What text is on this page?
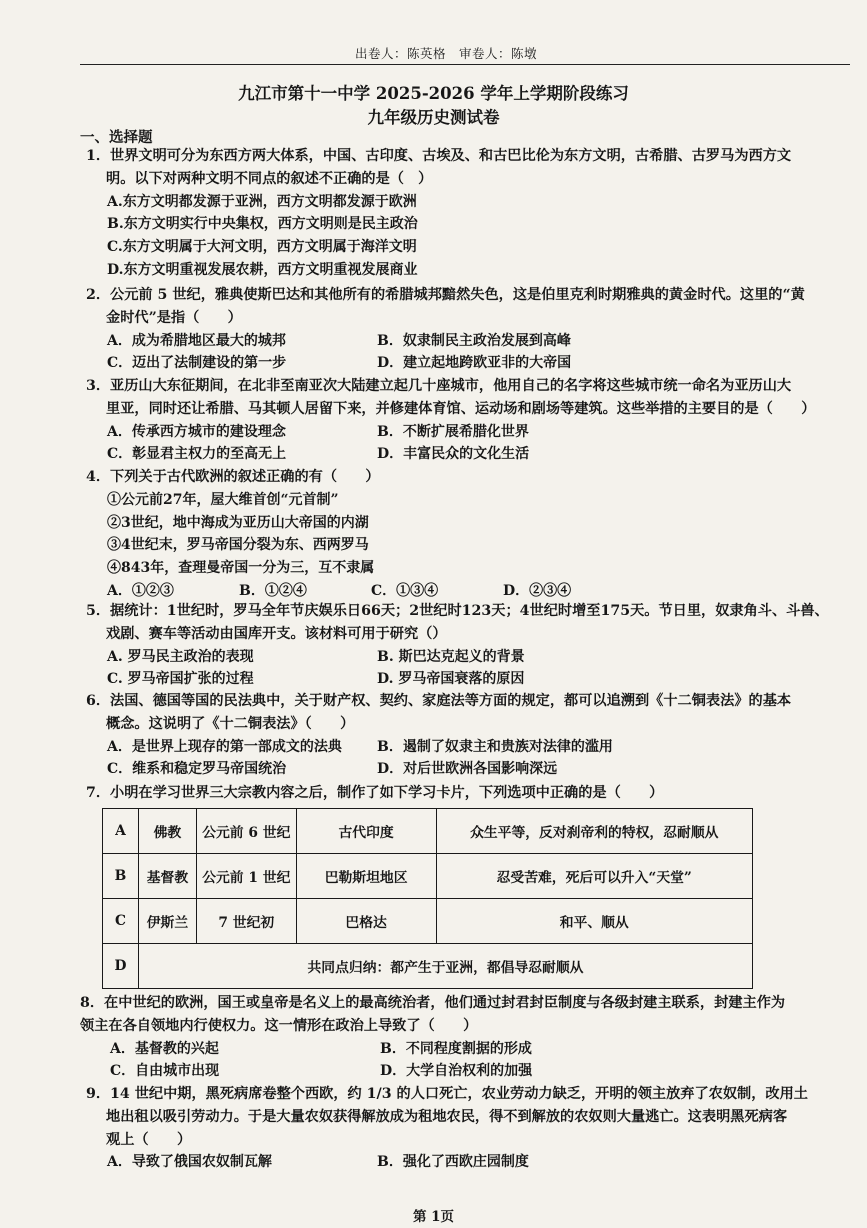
出卷人：陈英格　审卷人：陈墩
九江市第十一中学 2025-2026 学年上学期阶段练习
九年级历史测试卷
一、选择题
1．世界文明可分为东西方两大体系，中国、古印度、古埃及、和古巴比伦为东方文明，古希腊、古罗马为西方文
明。以下对两种文明不同点的叙述不正确的是（　）
A.东方文明都发源于亚洲，西方文明都发源于欧洲
B.东方文明实行中央集权，西方文明则是民主政治
C.东方文明属于大河文明，西方文明属于海洋文明
D.东方文明重视发展农耕，西方文明重视发展商业
2．公元前 5 世纪，雅典使斯巴达和其他所有的希腊城邦黯然失色，这是伯里克利时期雅典的黄金时代。这里的“黄
金时代”是指（　　）
A．成为希腊地区最大的城邦	B．奴隶制民主政治发展到高峰
C．迈出了法制建设的第一步	D．建立起地跨欧亚非的大帝国
3．亚历山大东征期间，在北非至南亚次大陆建立起几十座城市，他用自己的名字将这些城市统一命名为亚历山大
里亚，同时还让希腊、马其顿人居留下来，并修建体育馆、运动场和剧场等建筑。这些举措的主要目的是（　　）
A．传承西方城市的建设理念	B．不断扩展希腊化世界
C．彰显君主权力的至高无上	D．丰富民众的文化生活
4．下列关于古代欧洲的叙述正确的有（　　）
①公元前27年，屋大维首创“元首制”
②3世纪，地中海成为亚历山大帝国的内湖
③4世纪末，罗马帝国分裂为东、西两罗马
④843年，查理曼帝国一分为三，互不隶属
A．①②③	B．①②④	C．①③④	D．②③④
5．据统计：1世纪时，罗马全年节庆娱乐日66天；2世纪时123天；4世纪时增至175天。节日里，奴隶角斗、斗兽、
戏剧、赛车等活动由国库开支。该材料可用于研究（）
A. 罗马民主政治的表现	B. 斯巴达克起义的背景
C. 罗马帝国扩张的过程	D. 罗马帝国衰落的原因
6．法国、德国等国的民法典中，关于财产权、契约、家庭法等方面的规定，都可以追溯到《十二铜表法》的基本
概念。这说明了《十二铜表法》（　　）
A．是世界上现存的第一部成文的法典	B．遏制了奴隶主和贵族对法律的滥用
C．维系和稳定罗马帝国统治	D．对后世欧洲各国影响深远
7．小明在学习世界三大宗教内容之后，制作了如下学习卡片，下列选项中正确的是（　　）
A	佛教	公元前 6 世纪	古代印度	众生平等，反对刹帝利的特权，忍耐顺从
B	基督教	公元前 1 世纪	巴勒斯坦地区	忍受苦难，死后可以升入“天堂”
C	伊斯兰	7 世纪初	巴格达	和平、顺从
D	共同点归纳：都产生于亚洲，都倡导忍耐顺从			
8．在中世纪的欧洲，国王或皇帝是名义上的最高统治者，他们通过封君封臣制度与各级封建主联系，封建主作为
领主在各自领地内行使权力。这一情形在政治上导致了（　　）
A．基督教的兴起	B．不同程度割据的形成
C．自由城市出现	D．大学自治权利的加强
9．14 世纪中期，黑死病席卷整个西欧，约 1/3 的人口死亡，农业劳动力缺乏，开明的领主放弃了农奴制，改用土
地出租以吸引劳动力。于是大量农奴获得解放成为租地农民，得不到解放的农奴则大量逃亡。这表明黑死病客
观上（　　）
A．导致了俄国农奴制瓦解	B．强化了西欧庄园制度
第 1页
